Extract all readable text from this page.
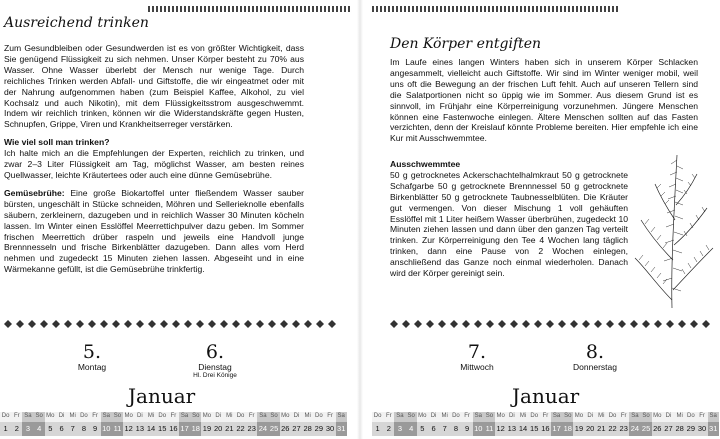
Ausreichend trinken

Zum Gesundbleiben oder Gesundwerden ist es von größter Wichtigkeit, dass Sie genügend Flüssigkeit zu sich nehmen. Unser Körper besteht zu 70% aus Wasser. Ohne Wasser überlebt der Mensch nur wenige Tage. Durch reichliches Trinken werden Abfall- und Giftstoffe, die wir eingeatmet oder mit der Nahrung aufgenommen haben (zum Beispiel Kaffee, Alkohol, zu viel Kochsalz und auch Nikotin), mit dem Flüssigkeitsstrom ausgeschwemmt. Indem wir reichlich trinken, können wir die Widerstandskräfte gegen Husten, Schnupfen, Grippe, Viren und Krankheitserreger verstärken.

Wie viel soll man trinken?
Ich halte mich an die Empfehlungen der Experten, reichlich zu trinken, und zwar 2–3 Liter Flüssigkeit am Tag, möglichst Wasser, am besten reines Quellwasser, leichte Kräutertees oder auch eine dünne Gemüsebrühe.

Gemüsebrühe: Eine große Biokartoffel unter fließendem Wasser sauber bürsten, ungeschält in Stücke schneiden, Möhren und Sellerieknolle ebenfalls säubern, zerkleinern, dazugeben und in reichlich Wasser 30 Minuten köcheln lassen. Im Winter einen Esslöffel Meerrettichpulver dazu geben. Im Sommer frischen Meerrettich drüber raspeln und jeweils eine Handvoll junge Brennnesseln und frische Birkenblätter dazugeben. Dann alles vom Herd nehmen und zugedeckt 15 Minuten ziehen lassen. Abgeseiht und in eine Wärmekanne gefüllt, ist die Gemüsebrühe trinkfertig.

5.
Montag
6.
Dienstag
Hl. Drei Könige
Januar
Do
1
Fr
2
Sa
3
So
4
Mo
5
Di
6
Mi
7
Do
8
Fr
9
Sa
10
So
11
Mo
12
Di
13
Mi
14
Do
15
Fr
16
Sa
17
So
18
Mo
19
Di
20
Mi
21
Do
22
Fr
23
Sa
24
So
25
Mo
26
Di
27
Mi
28
Do
29
Fr
30
Sa
31
Den Körper entgiften
Im Laufe eines langen Winters haben sich in unserem Körper Schlacken angesammelt, vielleicht auch Giftstoffe. Wir sind im Winter weniger mobil, weil uns oft die Bewegung an der frischen Luft fehlt. Auch auf unseren Tellern sind die Salatportionen nicht so üppig wie im Sommer. Aus diesem Grund ist es sinnvoll, im Frühjahr eine Körperreinigung vorzunehmen. Jüngere Menschen können eine Fastenwoche einlegen. Ältere Menschen sollten auf das Fasten verzichten, denn der Kreislauf könnte Probleme bereiten. Hier empfehle ich eine Kur mit Ausschwemmtee.
Ausschwemmtee
50 g getrocknetes Ackerschachtelhalmkraut 50 g getrocknete Schafgarbe 50 g getrocknete Brennnessel 50 g getrocknete Birkenblätter 50 g getrocknete Taubnesselblüten. Die Kräuter gut vermengen. Von dieser Mischung 1 voll gehäuften Esslöffel mit 1 Liter heißem Wasser überbrühen, zugedeckt 10 Minuten ziehen lassen und dann über den ganzen Tag verteilt trinken. Zur Körperreinigung den Tee 4 Wochen lang täglich trinken, dann eine Pause von 2 Wochen einlegen, anschließend das Ganze noch einmal wiederholen. Danach wird der Körper gereinigt sein.
7.
Mittwoch
8.
Donnerstag
Januar
Do
1
Fr
2
Sa
3
So
4
Mo
5
Di
6
Mi
7
Do
8
Fr
9
Sa
10
So
11
Mo
12
Di
13
Mi
14
Do
15
Fr
16
Sa
17
So
18
Mo
19
Di
20
Mi
21
Do
22
Fr
23
Sa
24
So
25
Mo
26
Di
27
Mi
28
Do
29
Fr
30
Sa
31
